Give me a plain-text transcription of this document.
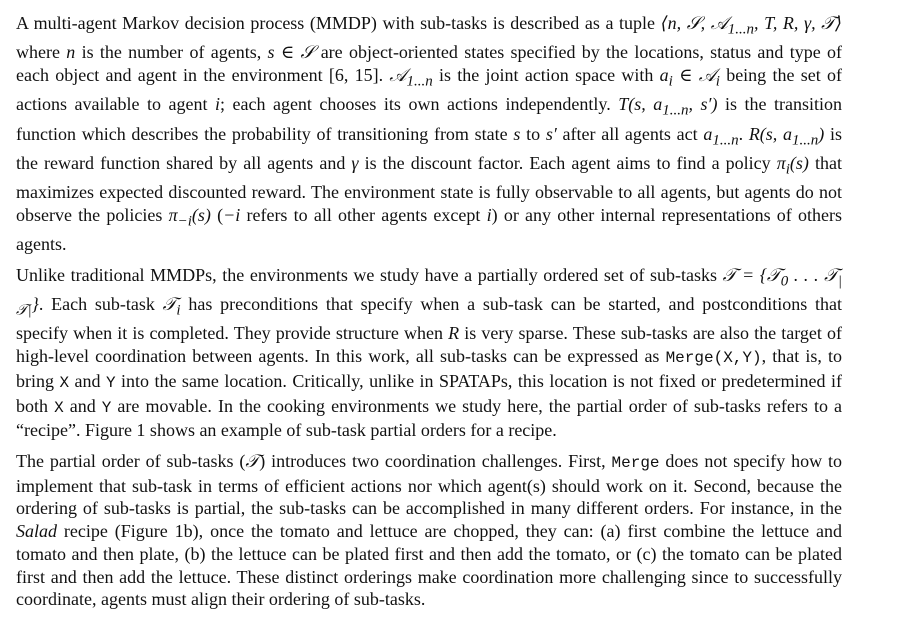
A multi-agent Markov decision process (MMDP) with sub-tasks is described as a tuple ⟨n, 𝒮, 𝒜$_{1...n}$, T, R, γ, 𝒯⟩ where n is the number of agents, s ∈ 𝒮 are object-oriented states specified by the locations, status and type of each object and agent in the environment [6, 15]. 𝒜$_{1...n}$ is the joint action space with $a_i$ ∈ 𝒜$_i$ being the set of actions available to agent i; each agent chooses its own actions independently. T(s, $a_{1...n}$, s′) is the transition function which describes the probability of transitioning from state s to s′ after all agents act $a_{1...n}$. R(s, $a_{1...n}$) is the reward function shared by all agents and γ is the discount factor. Each agent aims to find a policy $\pi_i(s)$ that maximizes expected discounted reward. The environment state is fully observable to all agents, but agents do not observe the policies $\pi_{-i}(s)$ (−i refers to all other agents except i) or any other internal representations of others agents.

Unlike traditional MMDPs, the environments we study have a partially ordered set of sub-tasks 𝒯 = {𝒯$_0$ . . . 𝒯$_{|𝒯|}$}. Each sub-task 𝒯$_i$ has preconditions that specify when a sub-task can be started, and postconditions that specify when it is completed. They provide structure when R is very sparse. These sub-tasks are also the target of high-level coordination between agents. In this work, all sub-tasks can be expressed as Merge(X,Y), that is, to bring X and Y into the same location. Critically, unlike in SPATAPs, this location is not fixed or predetermined if both X and Y are movable. In the cooking environments we study here, the partial order of sub-tasks refers to a “recipe”. Figure 1 shows an example of sub-task partial orders for a recipe.

The partial order of sub-tasks (𝒯) introduces two coordination challenges. First, Merge does not specify how to implement that sub-task in terms of efficient actions nor which agent(s) should work on it. Second, because the ordering of sub-tasks is partial, the sub-tasks can be accomplished in many different orders. For instance, in the Salad recipe (Figure 1b), once the tomato and lettuce are chopped, they can: (a) first combine the lettuce and tomato and then plate, (b) the lettuce can be plated first and then add the tomato, or (c) the tomato can be plated first and then add the lettuce. These distinct orderings make coordination more challenging since to successfully coordinate, agents must align their ordering of sub-tasks.
